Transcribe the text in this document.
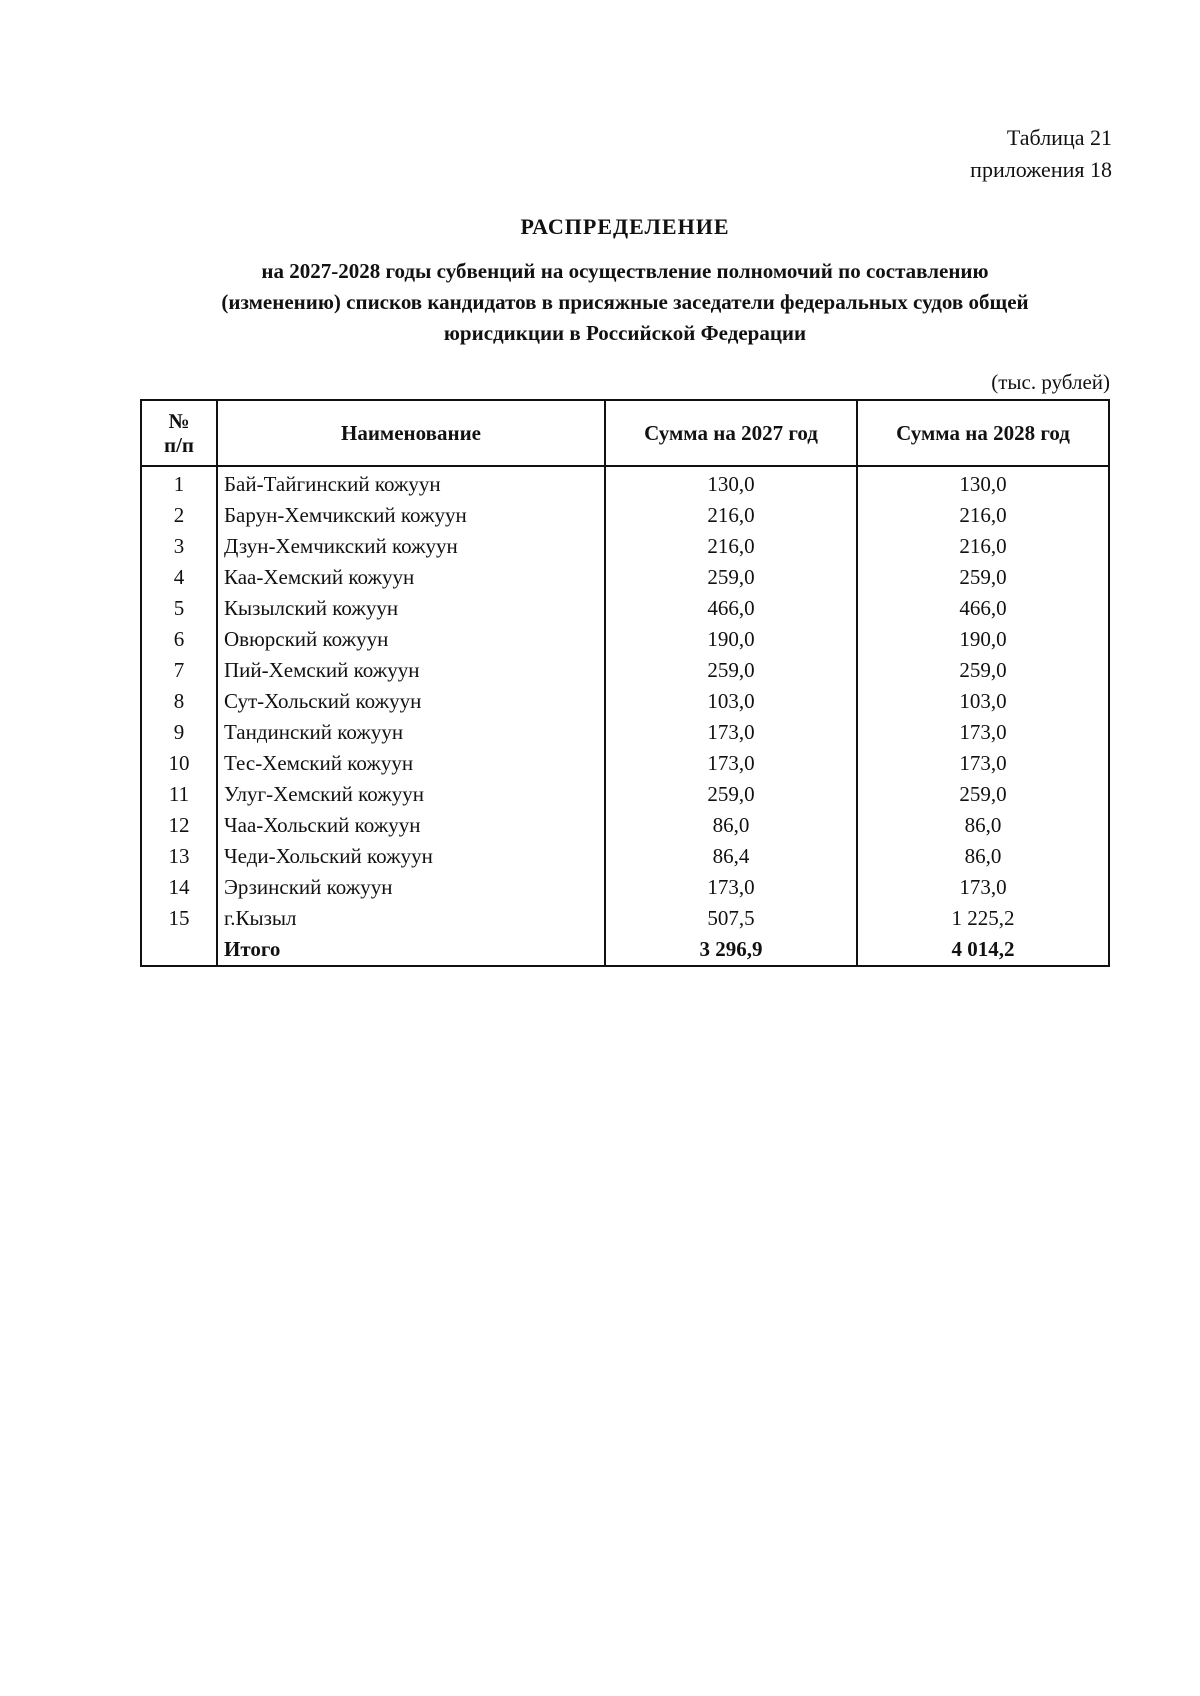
Таблица 21
приложения 18
РАСПРЕДЕЛЕНИЕ
на 2027-2028 годы субвенций на осуществление полномочий по составлению
(изменению) списков кандидатов в присяжные заседатели федеральных судов общей
юрисдикции в Российской Федерации
(тыс. рублей)
№
п/п	Наименование	Сумма на 2027 год	Сумма на 2028 год
1	Бай-Тайгинский кожуун	130,0	130,0
2	Барун-Хемчикский кожуун	216,0	216,0
3	Дзун-Хемчикский кожуун	216,0	216,0
4	Каа-Хемский кожуун	259,0	259,0
5	Кызылский кожуун	466,0	466,0
6	Овюрский кожуун	190,0	190,0
7	Пий-Хемский кожуун	259,0	259,0
8	Сут-Хольский кожуун	103,0	103,0
9	Тандинский кожуун	173,0	173,0
10	Тес-Хемский кожуун	173,0	173,0
11	Улуг-Хемский кожуун	259,0	259,0
12	Чаа-Хольский кожуун	86,0	86,0
13	Чеди-Хольский кожуун	86,4	86,0
14	Эрзинский кожуун	173,0	173,0
15	г.Кызыл	507,5	1 225,2
	Итого	3 296,9	4 014,2
